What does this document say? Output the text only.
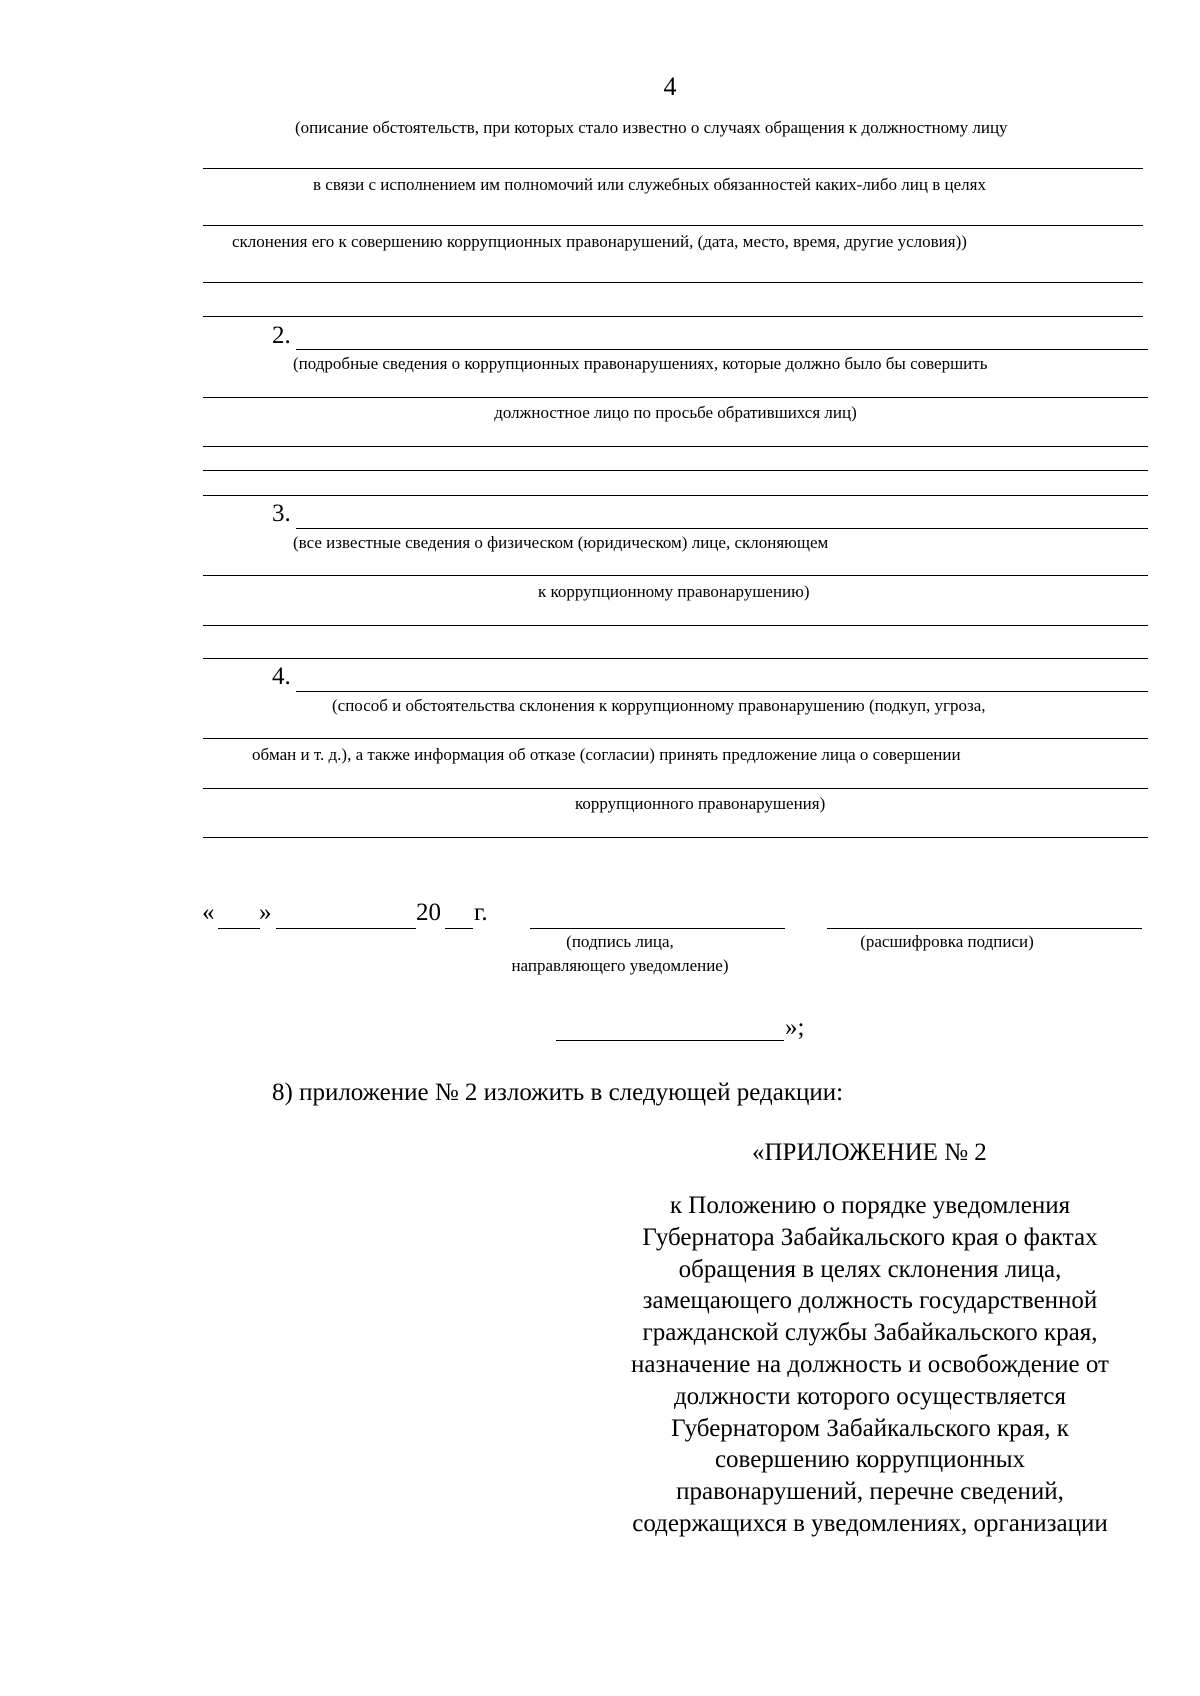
4
(описание обстоятельств, при которых стало известно о случаях обращения к должностному лицу
в связи с исполнением им полномочий или служебных обязанностей каких-либо лиц в целях
склонения его к совершению коррупционных правонарушений, (дата, место, время, другие условия))
2.
(подробные сведения о коррупционных правонарушениях, которые должно было бы совершить
должностное лицо по просьбе обратившихся лиц)
3.
(все известные сведения о физическом (юридическом) лице, склоняющем
к коррупционному правонарушению)
4.
(способ и обстоятельства склонения к коррупционному правонарушению (подкуп, угроза,
обман и т. д.), а также информация об отказе (согласии) принять предложение лица о совершении
коррупционного правонарушения)
« »	20 г.
(подпись лица,
направляющего уведомление)
(расшифровка подписи)
»;
8) приложение № 2 изложить в следующей редакции:
«ПРИЛОЖЕНИЕ № 2
к Положению о порядке уведомления
Губернатора Забайкальского края о фактах
обращения в целях склонения лица,
замещающего должность государственной
гражданской службы Забайкальского края,
назначение на должность и освобождение от
должности которого осуществляется
Губернатором Забайкальского края, к
совершению коррупционных
правонарушений, перечне сведений,
содержащихся в уведомлениях, организации
